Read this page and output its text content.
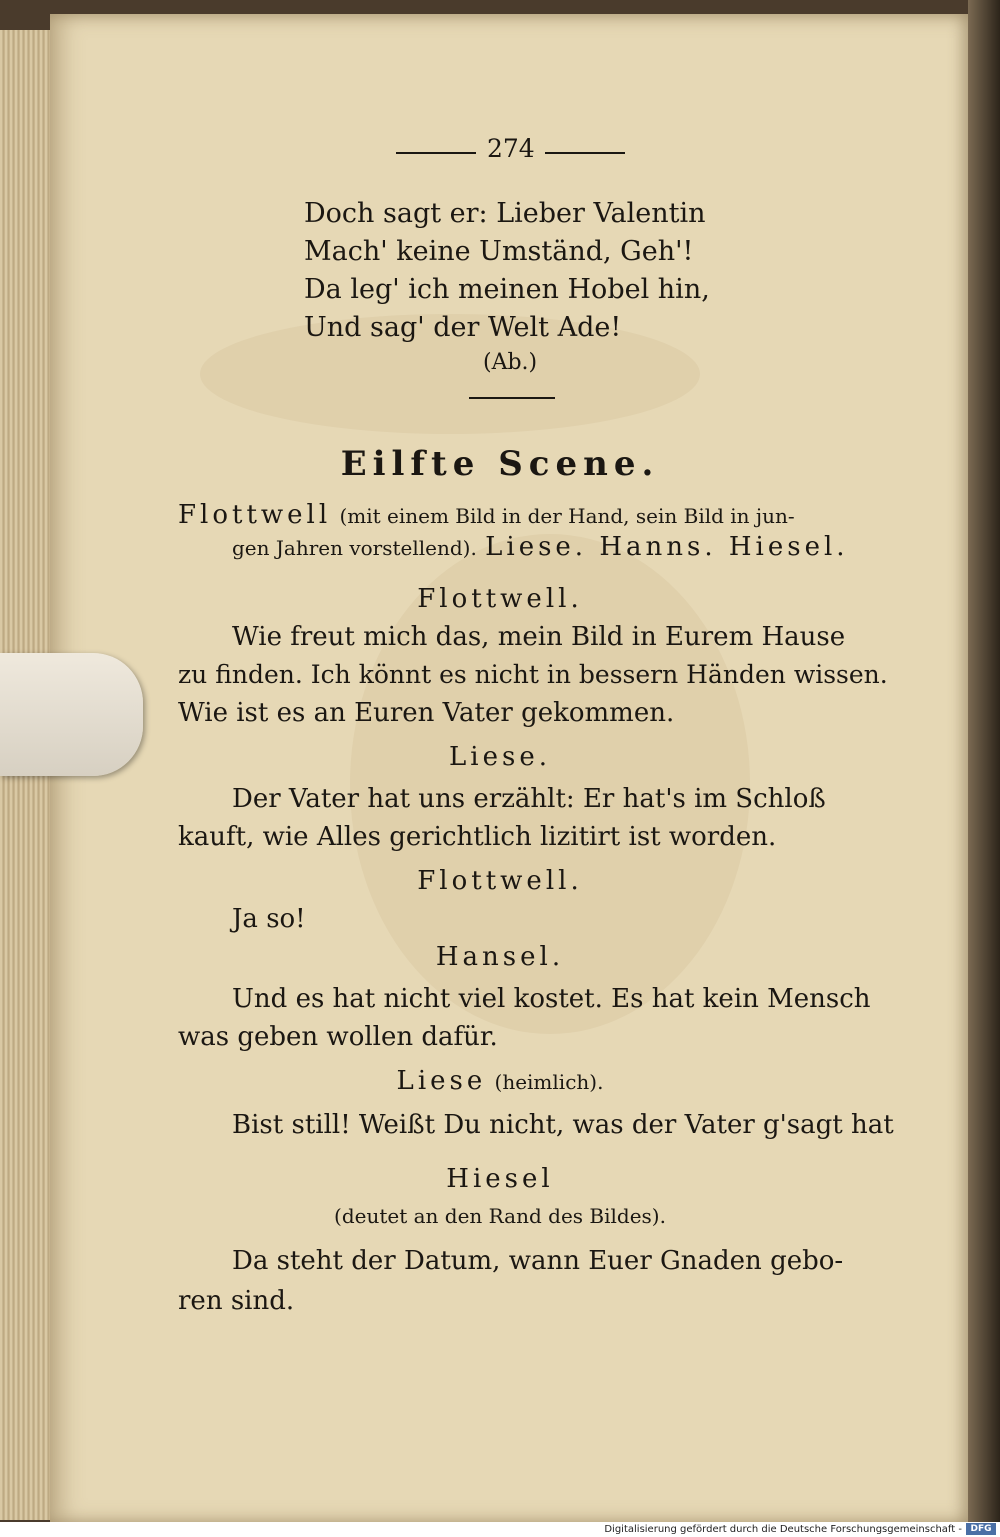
274
Doch sagt er: Lieber Valentin
Mach' keine Umständ, Geh'!
Da leg' ich meinen Hobel hin,
Und sag' der Welt Ade!
(Ab.)
Eilfte Scene.
Flottwell (mit einem Bild in der Hand, sein Bild in jun-
gen Jahren vorstellend). Liese. Hanns. Hiesel.
Flottwell.
Wie freut mich das, mein Bild in Eurem Hause
zu finden. Ich könnt es nicht in bessern Händen wissen.
Wie ist es an Euren Vater gekommen.
Liese.
Der Vater hat uns erzählt: Er hat's im Schloß
kauft, wie Alles gerichtlich lizitirt ist worden.
Flottwell.
Ja so!
Hansel.
Und es hat nicht viel kostet. Es hat kein Mensch
was geben wollen dafür.
Liese (heimlich).
Bist still! Weißt Du nicht, was der Vater g'sagt hat
Hiesel
(deutet an den Rand des Bildes).
Da steht der Datum, wann Euer Gnaden gebo-
ren sind.
Digitalisierung gefördert durch die Deutsche Forschungsgemeinschaft - DFG
